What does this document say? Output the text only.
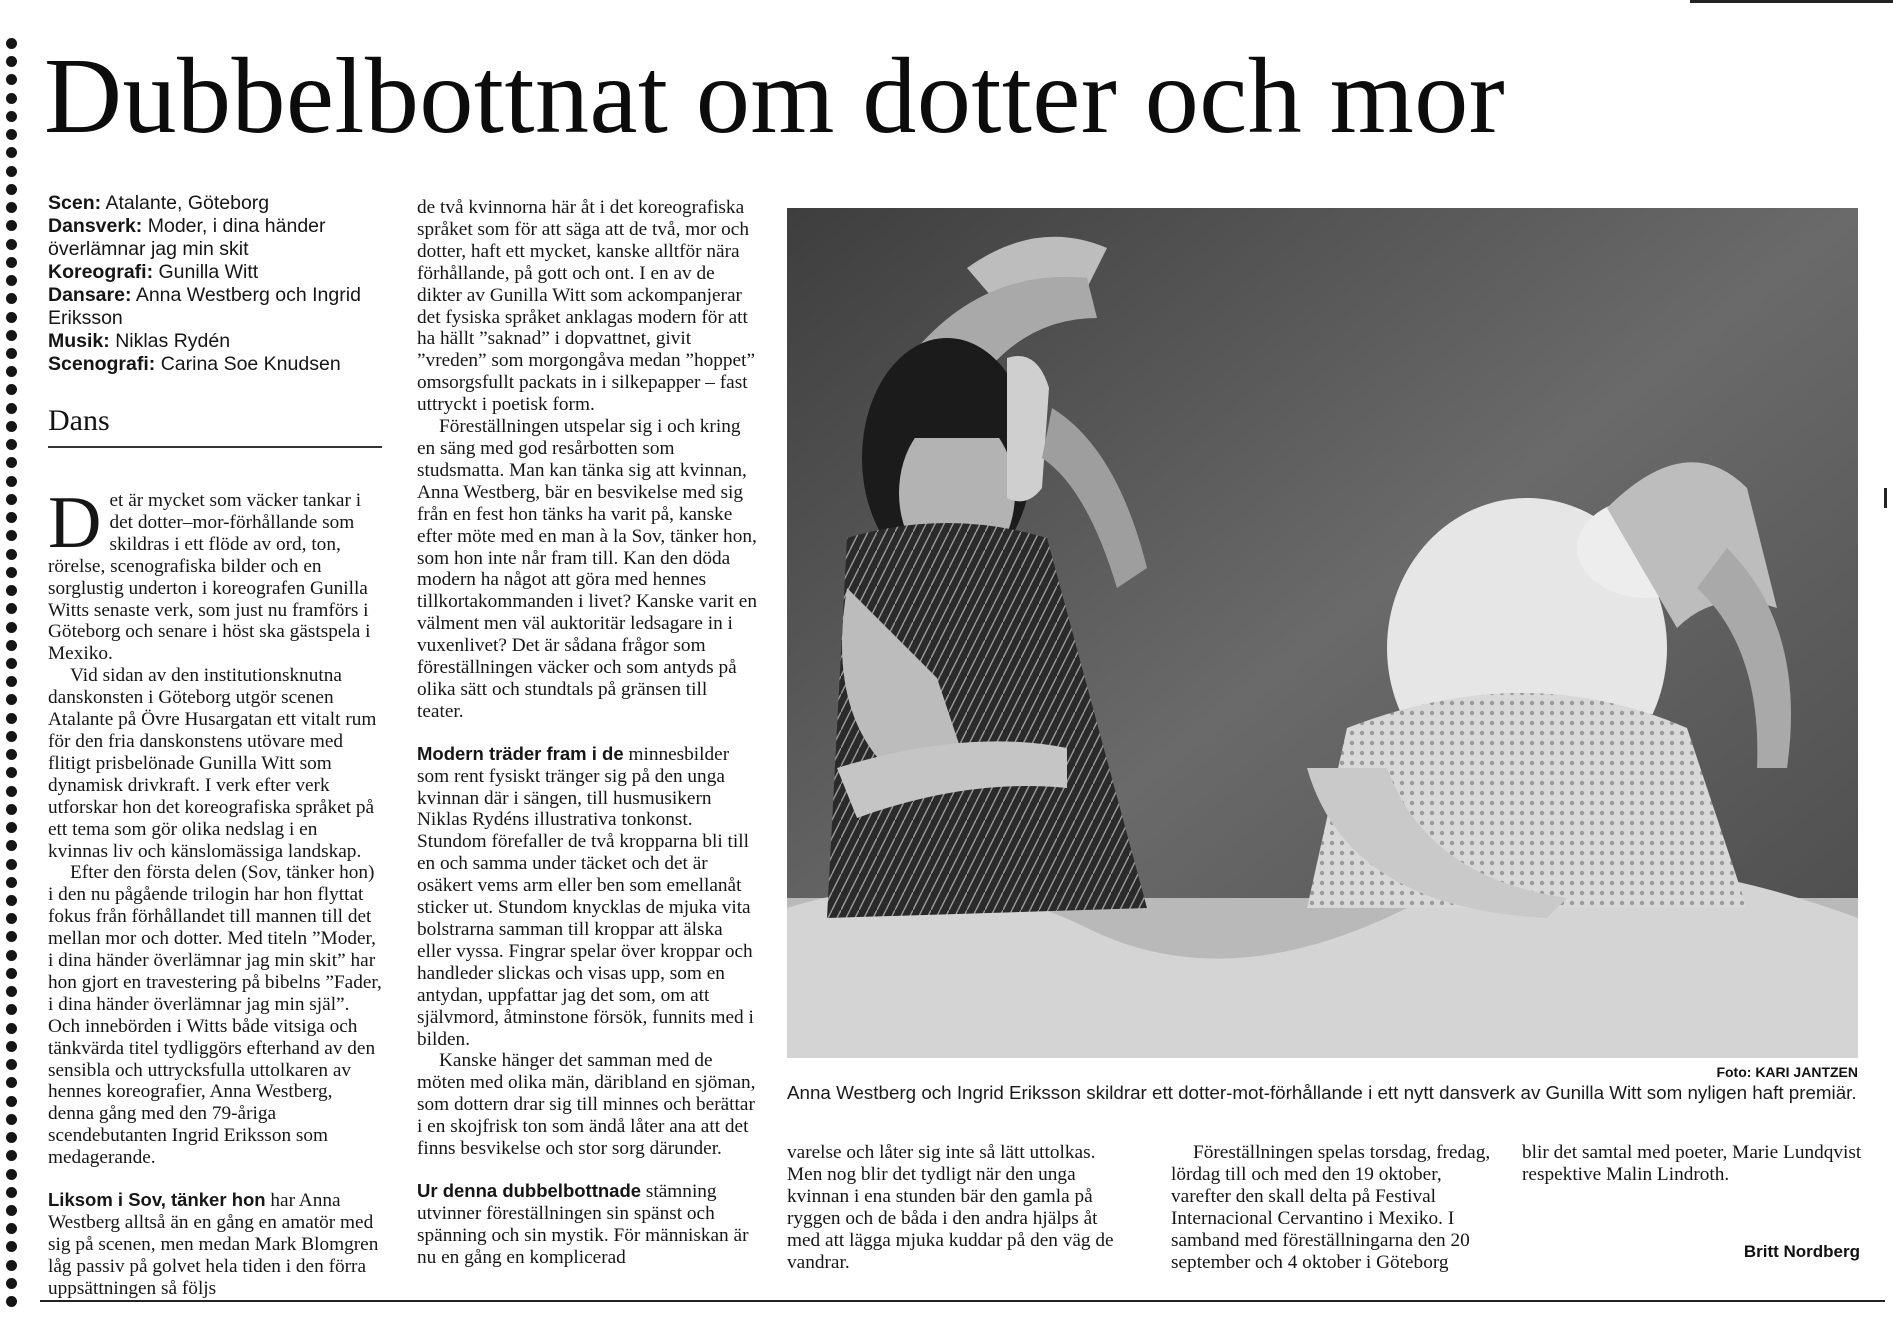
Dubbelbottnat om dotter och mor
Scen: Atalante, Göteborg
Dansverk: Moder, i dina händer överlämnar jag min skit
Koreografi: Gunilla Witt
Dansare: Anna Westberg och Ingrid Eriksson
Musik: Niklas Rydén
Scenografi: Carina Soe Knudsen
Dans

Det är mycket som väcker tankar i det dotter–mor-förhållande som skildras i ett flöde av ord, ton, rörelse, scenografiska bilder och en sorglustig underton i koreografen Gunilla Witts senaste verk, som just nu framförs i Göteborg och senare i höst ska gästspela i Mexiko.

Vid sidan av den institutionsknutna danskonsten i Göteborg utgör scenen Atalante på Övre Husargatan ett vitalt rum för den fria danskonstens utövare med flitigt prisbelönade Gunilla Witt som dynamisk drivkraft. I verk efter verk utforskar hon det koreografiska språket på ett tema som gör olika nedslag i en kvinnas liv och känslomässiga landskap.

Efter den första delen (Sov, tänker hon) i den nu pågående trilogin har hon flyttat fokus från förhållandet till mannen till det mellan mor och dotter. Med titeln ”Moder, i dina händer överlämnar jag min skit” har hon gjort en travestering på bibelns ”Fader, i dina händer överlämnar jag min själ”. Och innebörden i Witts både vitsiga och tänkvärda titel tydliggörs efterhand av den sensibla och uttrycksfulla uttolkaren av hennes koreografier, Anna Westberg, denna gång med den 79-åriga scendebutanten Ingrid Eriksson som medagerande.

Liksom i Sov, tänker hon har Anna Westberg alltså än en gång en amatör med sig på scenen, men medan Mark Blomgren låg passiv på golvet hela tiden i den förra uppsättningen så följs

de två kvinnorna här åt i det koreografiska språket som för att säga att de två, mor och dotter, haft ett mycket, kanske alltför nära förhållande, på gott och ont. I en av de dikter av Gunilla Witt som ackompanjerar det fysiska språket anklagas modern för att ha hällt ”saknad” i dopvattnet, givit ”vreden” som morgongåva medan ”hoppet” omsorgsfullt packats in i silkepapper – fast uttryckt i poetisk form.

Föreställningen utspelar sig i och kring en säng med god resårbotten som studsmatta. Man kan tänka sig att kvinnan, Anna Westberg, bär en besvikelse med sig från en fest hon tänks ha varit på, kanske efter möte med en man à la Sov, tänker hon, som hon inte når fram till. Kan den döda modern ha något att göra med hennes tillkortakommanden i livet? Kanske varit en välment men väl auktoritär ledsagare in i vuxenlivet? Det är sådana frågor som föreställningen väcker och som antyds på olika sätt och stundtals på gränsen till teater.

Modern träder fram i de minnesbilder som rent fysiskt tränger sig på den unga kvinnan där i sängen, till husmusikern Niklas Rydéns illustrativa tonkonst. Stundom förefaller de två kropparna bli till en och samma under täcket och det är osäkert vems arm eller ben som emellanåt sticker ut. Stundom knycklas de mjuka vita bolstrarna samman till kroppar att älska eller vyssa. Fingrar spelar över kroppar och handleder slickas och visas upp, som en antydan, uppfattar jag det som, om att självmord, åtminstone försök, funnits med i bilden.

Kanske hänger det samman med de möten med olika män, däribland en sjöman, som dottern drar sig till minnes och berättar i en skojfrisk ton som ändå låter ana att det finns besvikelse och stor sorg därunder.

Ur denna dubbelbottnade stämning utvinner föreställningen sin spänst och spänning och sin mystik. För människan är nu en gång en komplicerad

Foto: KARI JANTZEN
Anna Westberg och Ingrid Eriksson skildrar ett dotter-mot-förhållande i ett nytt dansverk av Gunilla Witt som nyligen haft premiär.

varelse och låter sig inte så lätt uttolkas. Men nog blir det tydligt när den unga kvinnan i ena stunden bär den gamla på ryggen och de båda i den andra hjälps åt med att lägga mjuka kuddar på den väg de vandrar.

Föreställningen spelas torsdag, fredag, lördag till och med den 19 oktober, varefter den skall delta på Festival Internacional Cervantino i Mexiko. I samband med föreställningarna den 20 september och 4 oktober i Göteborg

blir det samtal med poeter, Marie Lundqvist respektive Malin Lindroth.

Britt Nordberg
